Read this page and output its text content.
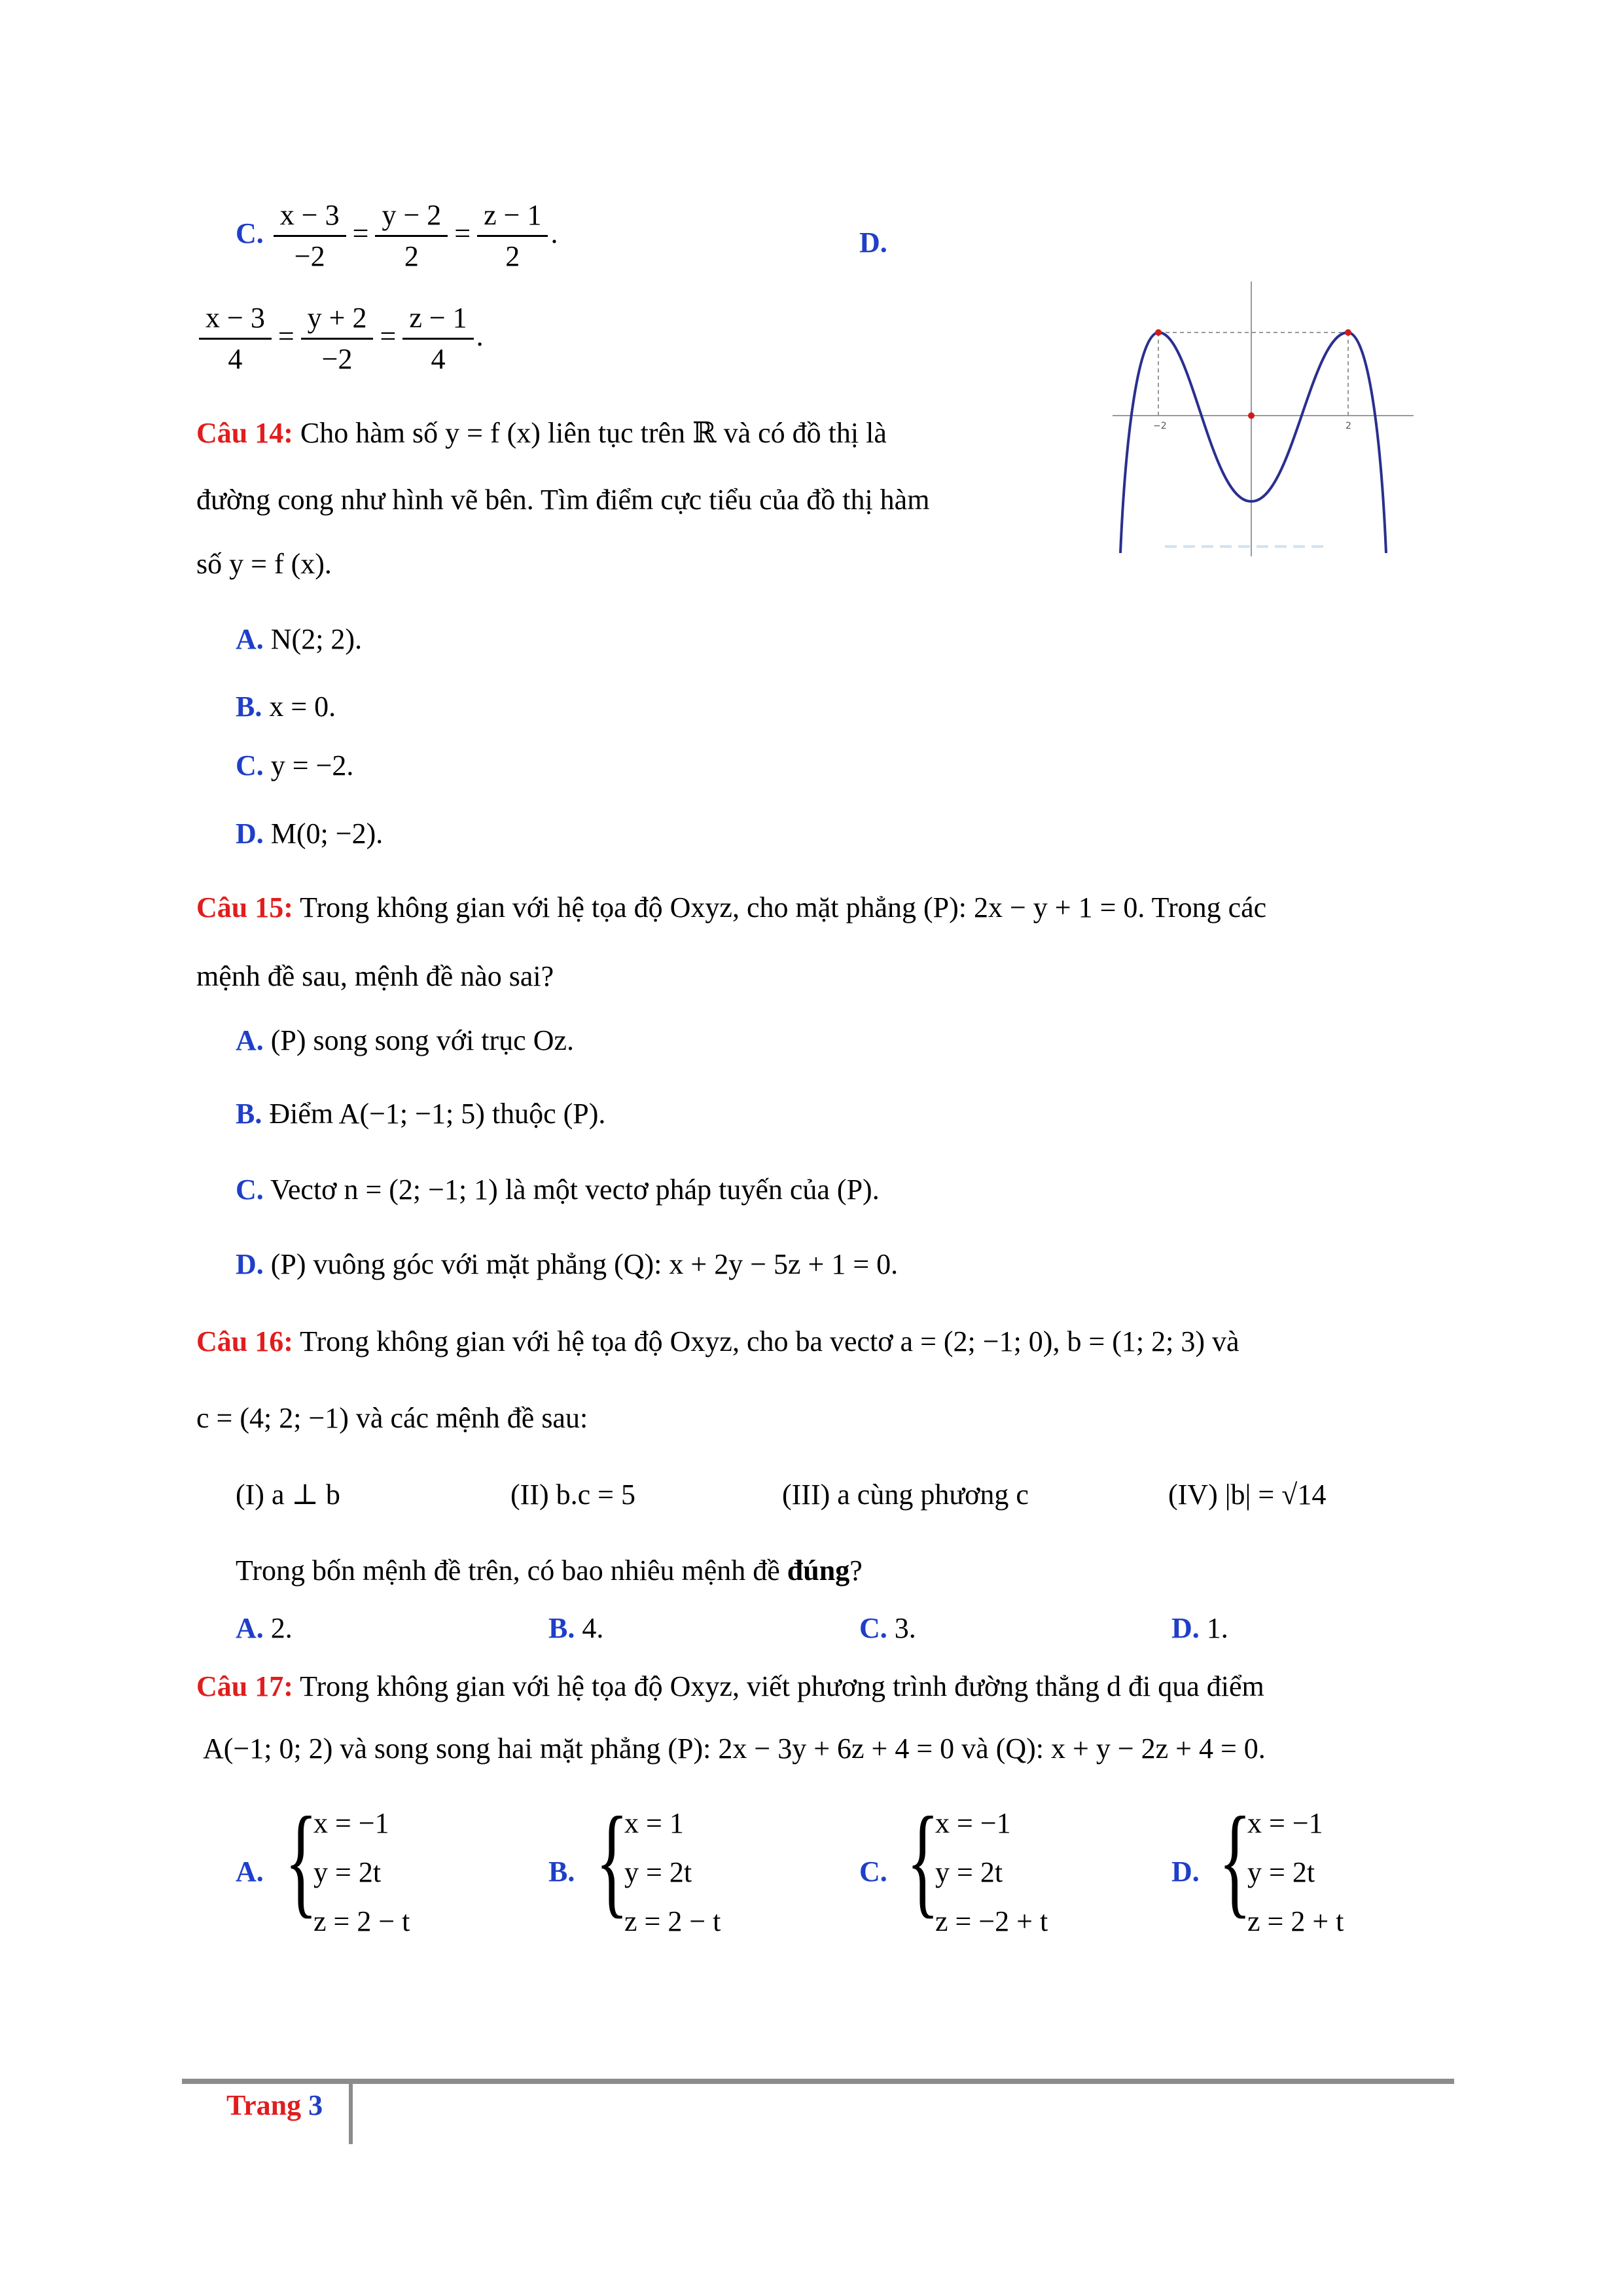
C. $\frac{x - 3}{-2} = \frac{y - 2}{2} = \frac{z - 1}{2}$ .	D.
$\frac{x - 3}{4} = \frac{y + 2}{-2} = \frac{z - 1}{4}$ .
Câu 14: Cho hàm số y = f (x) liên tục trên ℝ và có đồ thị là
đường cong như hình vẽ bên. Tìm điểm cực tiểu của đồ thị hàm
số y = f (x).
A. N(2; 2).
B. x = 0.
C. y = −2.
D. M(0; −2).
−2	2
Câu 15: Trong không gian với hệ tọa độ Oxyz, cho mặt phẳng (P): 2x − y + 1 = 0. Trong các
mệnh đề sau, mệnh đề nào sai?
A. (P) song song với trục Oz.
B. Điểm A(−1; −1; 5) thuộc (P).
C. Vectơ n = (2; −1; 1) là một vectơ pháp tuyến của (P).
D. (P) vuông góc với mặt phẳng (Q): x + 2y − 5z + 1 = 0.
Câu 16: Trong không gian với hệ tọa độ Oxyz, cho ba vectơ a = (2; −1; 0), b = (1; 2; 3) và
c = (4; 2; −1) và các mệnh đề sau:
(I) a ⊥ b	(II) b.c = 5	(III) a cùng phương c	(IV) |b| = √14
Trong bốn mệnh đề trên, có bao nhiêu mệnh đề đúng?
A. 2.	B. 4.	C. 3.	D. 1.
Câu 17: Trong không gian với hệ tọa độ Oxyz, viết phương trình đường thẳng d đi qua điểm
A(−1; 0; 2) và song song hai mặt phẳng (P): 2x − 3y + 6z + 4 = 0 và (Q): x + y − 2z + 4 = 0.
A. {
x = −1
y = 2t
z = 2 − t
B. {
x = 1
y = 2t
z = 2 − t
C. {
x = −1
y = 2t
z = −2 + t
D. {
x = −1
y = 2t
z = 2 + t
Trang 3
